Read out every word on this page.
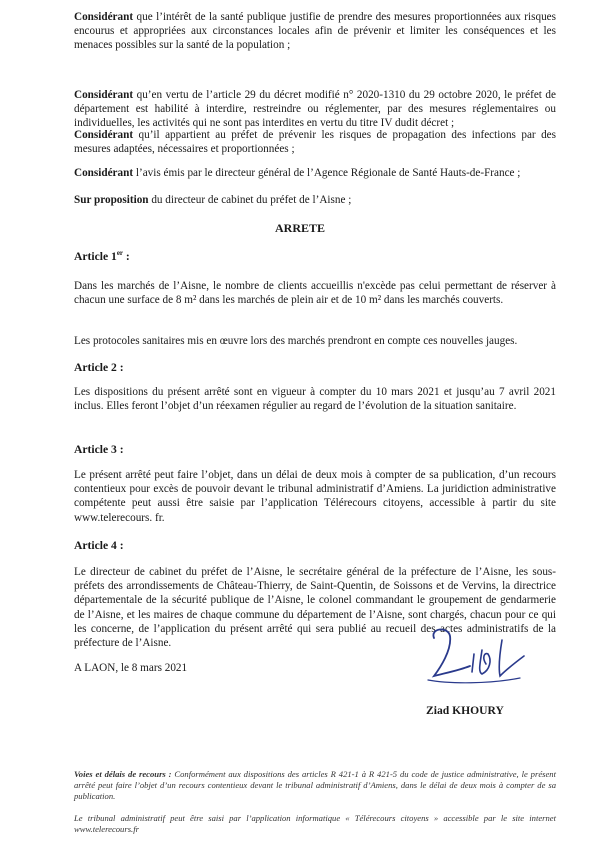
Considérant que l’intérêt de la santé publique justifie de prendre des mesures proportionnées aux risques encourus et appropriées aux circonstances locales afin de prévenir et limiter les conséquences et les menaces possibles sur la santé de la population ;
Considérant qu’en vertu de l’article 29 du décret modifié n° 2020-1310 du 29 octobre 2020, le préfet de département est habilité à interdire, restreindre ou réglementer, par des mesures réglementaires ou individuelles, les activités qui ne sont pas interdites en vertu du titre IV dudit décret ;
Considérant qu’il appartient au préfet de prévenir les risques de propagation des infections par des mesures adaptées, nécessaires et proportionnées ;
Considérant l’avis émis par le directeur général de l’Agence Régionale de Santé Hauts-de-France ;
Sur proposition du directeur de cabinet du préfet de l’Aisne ;
ARRETE
Article 1er :
Dans les marchés de l’Aisne, le nombre de clients accueillis n'excède pas celui permettant de réserver à chacun une surface de 8 m² dans les marchés de plein air et de 10 m² dans les marchés couverts.
Les protocoles sanitaires mis en œuvre lors des marchés prendront en compte ces nouvelles jauges.
Article 2 :
Les dispositions du présent arrêté sont en vigueur à compter du 10 mars 2021 et jusqu’au 7 avril 2021 inclus. Elles feront l’objet d’un réexamen régulier au regard de l’évolution de la situation sanitaire.
Article 3 :
Le présent arrêté peut faire l’objet, dans un délai de deux mois à compter de sa publication, d’un recours contentieux pour excès de pouvoir devant le tribunal administratif d’Amiens. La juridiction administrative compétente peut aussi être saisie par l’application Télérecours citoyens, accessible à partir du site www.telerecours. fr.
Article 4 :
Le directeur de cabinet du préfet de l’Aisne, le secrétaire général de la préfecture de l’Aisne, les sous-préfets des arrondissements de Château-Thierry, de Saint-Quentin, de Soissons et de Vervins, la directrice départementale de la sécurité publique de l’Aisne, le colonel commandant le groupement de gendarmerie de l’Aisne, et les maires de chaque commune du département de l’Aisne, sont chargés, chacun pour ce qui les concerne, de l’application du présent arrêté qui sera publié au recueil des actes administratifs de la préfecture de l’Aisne.
A LAON, le 8 mars 2021
Ziad KHOURY
Voies et délais de recours : Conformément aux dispositions des articles R 421-1 à R 421-5 du code de justice administrative, le présent arrêté peut faire l’objet d’un recours contentieux devant le tribunal administratif d’Amiens, dans le délai de deux mois à compter de sa publication.
Le tribunal administratif peut être saisi par l’application informatique « Télérecours citoyens » accessible par le site internet www.telerecours.fr
